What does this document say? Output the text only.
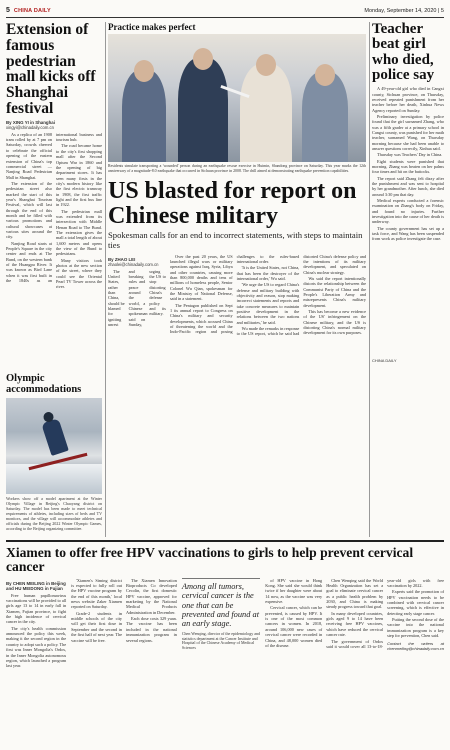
5 CHINA DAILY	Monday, September 14, 2020 | 5
Extension of famous pedestrian mall kicks off Shanghai festival
By XING YI in Shanghai
xingyi@chinadaily.com.cn

As a replica of an 1908 tram rolled by at 7 pm on Saturday, crowds cheered to celebrate the official opening of the eastern extension of China's top commercial street — Nanjing Road Pedestrian Mall in Shanghai.

The extension of the pedestrian street also marked the start of this year's Shanghai Tourism Festival, which will last through the end of this month and be filled with various promotions and cultural showcases at various sites around the city.

Nanjing Road starts at People's Square in the city center and ends at The Bund, on the western bank of the Huangpu River. It was known as Bird Lane when it was first built in the 1840s as an international business and tourism hub.

The road became home to the city's first shopping mall after the Second Opium War in 1860 and the opening of big department stores. It has seen many firsts in the city's modern history like the first electric tramway in 1908, the first traffic light and the first bus line in 1922.

The pedestrian mall was extended from its intersection with Middle Henan Road to The Bund. The extension gives the mall a total length of about 1,600 meters and opens the view of the Bund to pedestrians.

Many visitors took photos at the new section of the street, where they could see the Oriental Pearl TV Tower across the river.

Olympic accommodations
Workers show off a model apartment at the Winter Olympic Village in Beijing's Chaoyang district on Saturday. The model has been made to meet technical requirements of athletes, including sizes of beds and TV monitors, and the village will accommodate athletes and officials during the Beijing 2022 Winter Olympic Games, according to the Beijing organizing committee.
Practice makes perfect
Residents simulate transporting a 'wounded' person during an earthquake rescue exercise in Huimin, Shandong province on Saturday. This year marks the 12th anniversary of a magnitude-8.0 earthquake that occurred in Sichuan province in 2008. The drill aimed at demonstrating earthquake prevention capabilities.
US blasted for report on Chinese military
Spokesman calls for an end to incorrect statements, with steps to maintain ties
By ZHAO LEI
zhaolei@chinadaily.com.cn

The United States, rather than China, should be blamed for igniting unrest and breaking rules and peace around the world, a Chinese spokesman said on Sunday, urging the US to stop distorting China's defense policy and its military.

Over the past 20 years, the US launched illegal wars or military operations against Iraq, Syria, Libya and other countries, causing more than 800,000 deaths and tens of millions of homeless people, Senior Colonel Wu Qian, spokesman for the Ministry of National Defense, said in a statement.

The Pentagon published on Sept 1 its annual report to Congress on China's military and security developments, which accused China of threatening the world and the Indo-Pacific region and posing challenges to the rules-based international order.

'It is the United States, not China, that has been the destroyer of the international order,' Wu said.

'We urge the US to regard China's defense and military building with objectivity and reason, stop making incorrect statements and reports and take concrete measures to maintain positive development in the relations between the two nations and militaries,' he said.

Wu made the remarks in response to the US report, which he said had distorted China's defense policy and the intentions of its military development, and speculated on China's nuclear strategy.

Wu said the report intentionally distorts the relationship between the Communist Party of China and the People's Liberation Army and misrepresents China's military development.

This has become a new evidence of the US' infringement on the Chinese military, and the US is distorting China's normal military development for its own purposes.

Teacher beat girl who died, police say

A 49-year-old girl who died in Cangxi county, Sichuan province, on Thursday, received repeated punishment from her teacher before her death, Xinhua News Agency reported on Sunday.

Preliminary investigation by police found that the girl surnamed Zhang, who was a fifth grader at a primary school in Cangxi county, was punished for her math teacher, surnamed Wang, on Thursday morning because she had been unable to answer questions correctly, Xinhua said.

Thursday was Teachers' Day in China.

Eight students were punished that morning. Zhang was beaten on her palms four times and hit on the buttocks.

The report said Zhang felt dizzy after the punishment and was sent to hospital by her grandmother. After lunch, she died around 3:30 pm that day.

Medical experts conducted a forensic examination on Zhang's body on Friday, and found no injuries. Further investigation into the cause of her death is underway.

The county government has set up a task force, and Wang has been suspended from work as police investigate the case.

CHINA DAILY
Xiamen to offer free HPV vaccinations to girls to help prevent cervical cancer
By CHEN MEILING in Beijing and HU MEIDONG in Fujian

Free human papillomavirus vaccinations will be provided to all girls age 13 to 14 in early fall in Xiamen, Fujian province, to fight the high incidence of cervical cancer in the city.

The city's health commission announced the policy this week, making it the second region in the country to adopt such a policy. The first was Inner Mongolia's Ordos, in the Inner Mongolia autonomous region, which launched a program last year.

'Xiamen's Siming district is expected to fully roll out the HPV vaccine program by the end of this month,' local news website Zaker Xiamen reported on Saturday.

Grade-2 students in middle schools of the city will get their first dose in September and the second in the first half of next year. The vaccine will be free.

The Xiamen Innovation Bioproducts Co developed Cecolin, the first domestic HPV vaccine, approved for marketing by the National Medical Products Administration in December.

Each dose costs 329 yuan. The vaccine has been included in the national immunization program in several regions.

Among all tumors, cervical cancer is the one that can be prevented and found at an early stage.
Chen Wenqing, director of the epidemiology and statistics department at the Cancer Institute and Hospital of the Chinese Academy of Medical Sciences

of HPV vaccine in Hong Kong. She said she would think twice if her daughter were about 14 now, as the vaccine was very expensive.

Cervical cancer, which can be prevented, is caused by HPV. It is one of the most common cancers in women. In 2018, around 106,000 new cases of cervical cancer were recorded in China, and 48,000 women died of the disease.

Chen Wenqing said the World Health Organization has set a goal to eliminate cervical cancer as a public health problem by 2030, and China is making steady progress toward that goal.

In many developed countries, girls aged 9 to 14 have been receiving free HPV vaccines, which have reduced the cervical cancer rate.

The government of Ordos said it would cover all 13-to-18-year-old girls with free vaccination by 2022.

Experts said the promotion of HPV vaccination needs to be combined with cervical cancer screening, which is effective in detecting early stage cancer.

Putting the second dose of the vaccine into the national immunization program is a key step for prevention, Chen said.

Contact the writers at chenmeiling@chinadaily.com.cn
